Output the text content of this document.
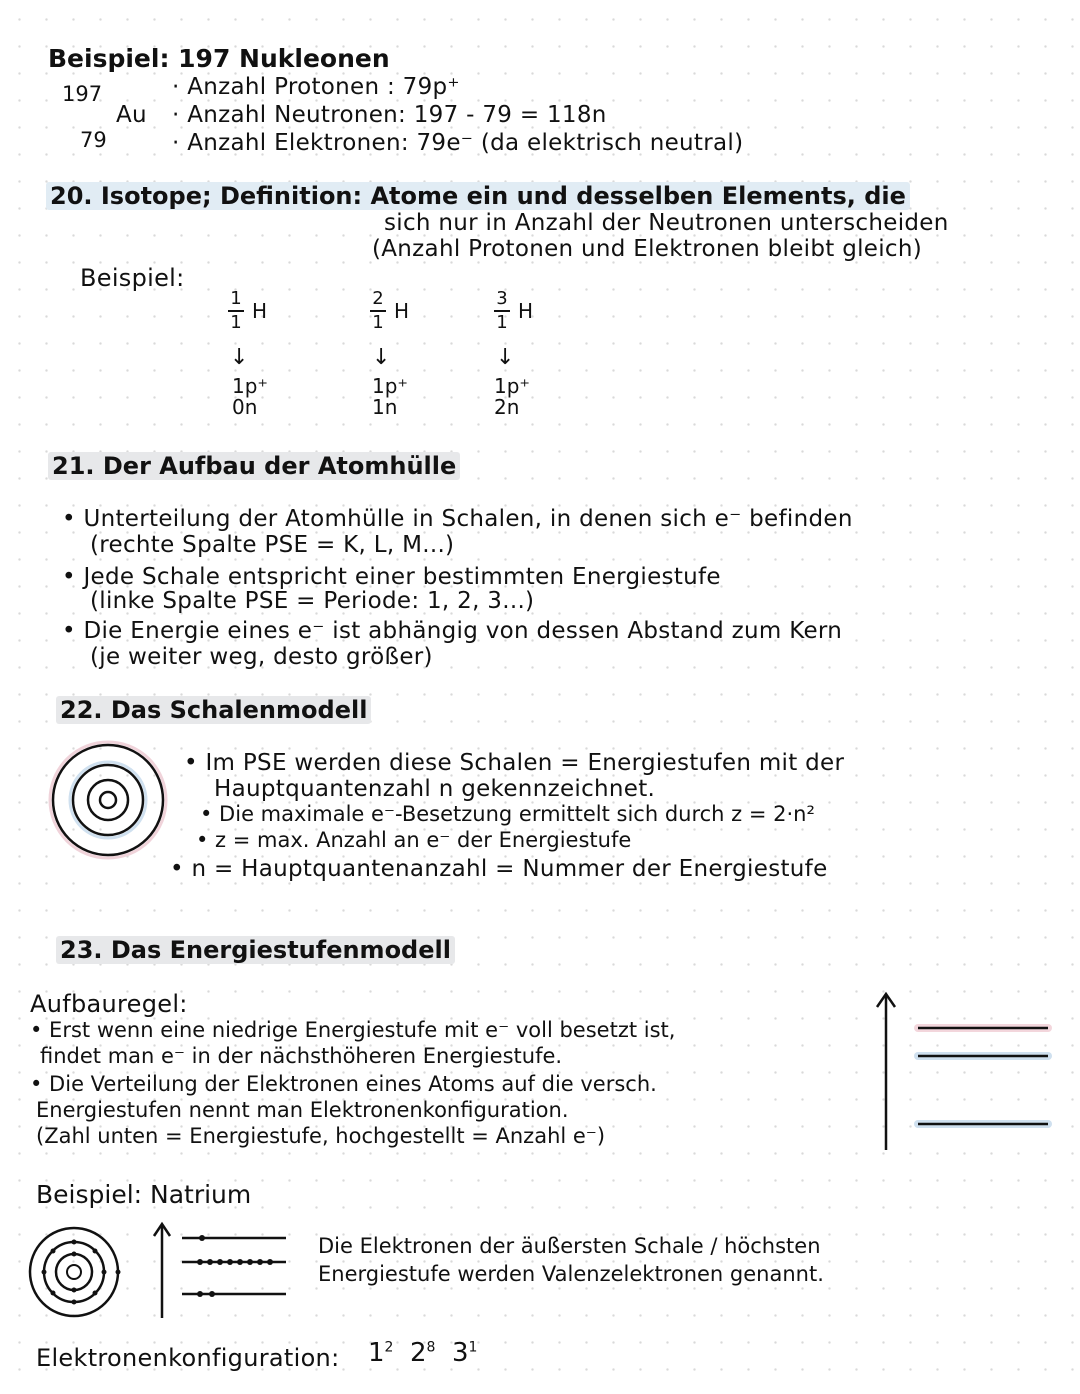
Beispiel: 197 Nukleonen
197
Au
79
· Anzahl Protonen : 79p⁺
· Anzahl Neutronen: 197 - 79 = 118n
· Anzahl Elektronen: 79e⁻ (da elektrisch neutral)
20. Isotope; Definition: Atome ein und desselben Elements, die
sich nur in Anzahl der Neutronen unterscheiden
(Anzahl Protonen und Elektronen bleibt gleich)
Beispiel:
$\frac{1}{1}$ H
↓
1p⁺
0n
$\frac{2}{1}$ H
↓
1p⁺
1n
$\frac{3}{1}$ H
↓
1p⁺
2n
21. Der Aufbau der Atomhülle
• Unterteilung der Atomhülle in Schalen, in denen sich e⁻ befinden
(rechte Spalte PSE = K, L, M...)
• Jede Schale entspricht einer bestimmten Energiestufe
(linke Spalte PSE = Periode: 1, 2, 3...)
• Die Energie eines e⁻ ist abhängig von dessen Abstand zum Kern
(je weiter weg, desto größer)
22. Das Schalenmodell
• Im PSE werden diese Schalen = Energiestufen mit der
Hauptquantenzahl n gekennzeichnet.
• Die maximale e⁻-Besetzung ermittelt sich durch z = 2·n²
• z = max. Anzahl an e⁻ der Energiestufe
• n = Hauptquantenanzahl = Nummer der Energiestufe
23. Das Energiestufenmodell
Aufbauregel:
• Erst wenn eine niedrige Energiestufe mit e⁻ voll besetzt ist,
findet man e⁻ in der nächsthöheren Energiestufe.
• Die Verteilung der Elektronen eines Atoms auf die versch.
Energiestufen nennt man Elektronenkonfiguration.
(Zahl unten = Energiestufe, hochgestellt = Anzahl e⁻)
Beispiel: Natrium
Die Elektronen der äußersten Schale / höchsten
Energiestufe werden Valenzelektronen genannt.
Elektronenkonfiguration: $1^2$ $2^8$ $3^1$
